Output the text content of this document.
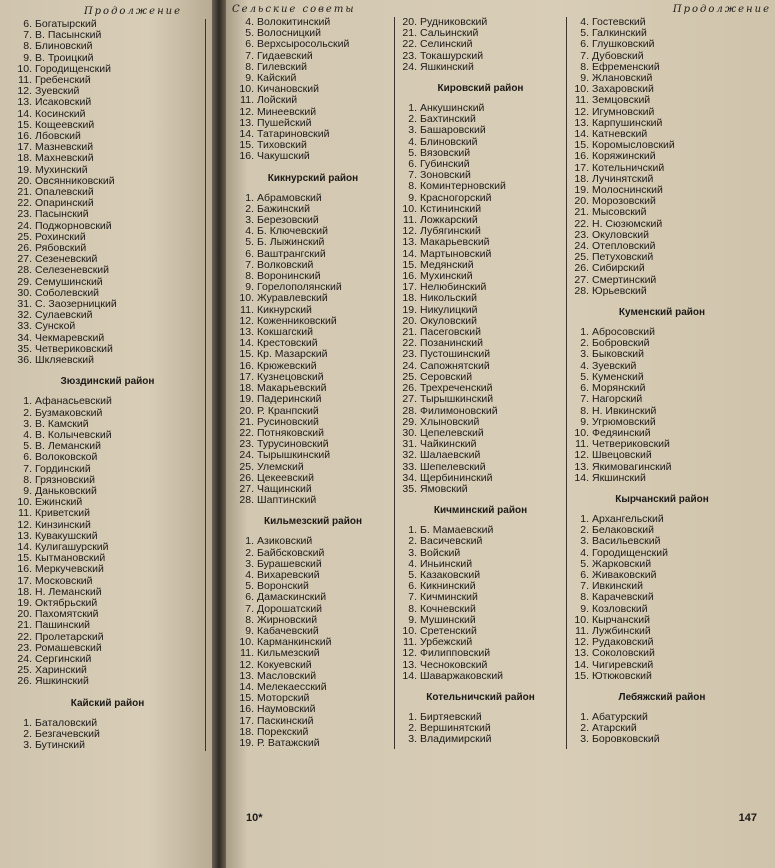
Продолжение
6. Богатырский
7. В. Пасынский
8. Блиновский
9. В. Троицкий
10. Городищенский
11. Гребенский
12. Зуевский
13. Исаковский
14. Косинский
15. Кощеевский
16. Лбовский
17. Мазневский
18. Махневский
19. Мухинский
20. Овсянниковский
21. Опалевский
22. Опаринский
23. Пасынский
24. Поджорновский
25. Рохинский
26. Рябовский
27. Сезеневский
28. Селезеневский
29. Семушинский
30. Соболевский
31. С. Заозерницкий
32. Сулаевский
33. Сунской
34. Чекмаревский
35. Четвериковский
36. Шкляевский
Зюздинский район
1. Афанасьевский
2. Бузмаковский
3. В. Камский
4. В. Колычевский
5. В. Леманский
6. Волоковской
7. Гординский
8. Грязновский
9. Даньковский
10. Ежинский
11. Криветский
12. Кинзинский
13. Кувакушский
14. Кулигашурский
15. Кытмановский
16. Меркучевский
17. Московский
18. Н. Леманский
19. Октябрьский
20. Пахомятский
21. Пашинский
22. Пролетарский
23. Ромашевский
24. Сергинский
25. Харинский
26. Яшкинский
Кайский район
1. Баталовский
2. Безгачевский
3. Бутинский
Сельские советы	Продолжение
4. Волокитинский
5. Волосницкий
6. Верхсыросольский
7. Гидаевский
8. Гилевский
9. Кайский
10. Кичановский
11. Лойский
12. Минеевский
13. Пушейский
14. Татариновский
15. Тиховский
16. Чакушский
Кикнурский район
1. Абрамовский
2. Бажинский
3. Березовский
4. Б. Ключевский
5. Б. Лыжинский
6. Ваштрангский
7. Волковский
8. Воронинский
9. Горелополянский
10. Журавлевский
11. Кикнурский
12. Коженниковский
13. Кокшагский
14. Крестовский
15. Кр. Мазарский
16. Крюжевский
17. Кузнецовский
18. Макарьевский
19. Падеринский
20. Р. Кранпский
21. Русиновский
22. Потняковский
23. Турусиновский
24. Тырышкинский
25. Улемский
26. Цекеевский
27. Чащинский
28. Шаптинский
Кильмезский район
1. Азиковский
2. Байбсковский
3. Бурашевский
4. Вихаревский
5. Воронский
6. Дамаскинский
7. Дорошатский
8. Жирновский
9. Кабачевский
10. Карманкинский
11. Кильмезский
12. Кокуевский
13. Масловский
14. Мелекаесский
15. Моторский
16. Наумовский
17. Паскинский
18. Порекский
19. Р. Ватажский
20. Рудниковский
21. Сальинский
22. Селинский
23. Токашурский
24. Яшкинский
Кировский район
1. Анкушинский
2. Бахтинский
3. Башаровский
4. Блиновский
5. Вязовский
6. Губинский
7. Зоновский
8. Коминтерновский
9. Красногорский
10. Кстининский
11. Ложкарский
12. Лубягинский
13. Макарьевский
14. Мартыновский
15. Медянский
16. Мухинский
17. Нелюбинский
18. Никольский
19. Никулицкий
20. Окуловский
21. Пасеговский
22. Позанинский
23. Пустошинский
24. Сапожнятский
25. Серовский
26. Трехреченский
27. Тырышкинский
28. Филимоновский
29. Хлыновский
30. Цепелевский
31. Чайкинский
32. Шалаевский
33. Шепелевский
34. Щербининский
35. Ямовский
Кичминский район
1. Б. Мамаевский
2. Васичевский
3. Войский
4. Иньинский
5. Казаковский
6. Кикнинский
7. Кичминский
8. Кочневский
9. Мушинский
10. Сретенский
11. Урбежский
12. Филипповский
13. Чесноковский
14. Шаваржаковский
Котельничский район
1. Биртяевский
2. Вершинятский
3. Владимирский
4. Гостевский
5. Галкинский
6. Глушковский
7. Дубовский
8. Ефременский
9. Жлановский
10. Захаровский
11. Земцовский
12. Игумновский
13. Карпушинский
14. Катневский
15. Коромысловский
16. Коряжинский
17. Котельничский
18. Лучинятский
19. Молоснинский
20. Морозовский
21. Мысовский
22. Н. Сюзюмский
23. Окуловский
24. Отепловский
25. Петуховский
26. Сибирский
27. Смертинский
28. Юрьевский
Куменский район
1. Абросовский
2. Бобровский
3. Быковский
4. Зуевский
5. Куменский
6. Морянский
7. Нагорский
8. Н. Ивкинский
9. Угрюмовский
10. Федяинский
11. Четвериковский
12. Швецовский
13. Якимовагинский
14. Якшинский
Кырчанский район
1. Архангельский
2. Белаковский
3. Васильевский
4. Городищенский
5. Жарковский
6. Живаковский
7. Ивкинский
8. Карачевский
9. Козловский
10. Кырчанский
11. Лужбинский
12. Рудаковский
13. Соколовский
14. Чигиревский
15. Юткжовский
Лебяжский район
1. Абатурский
2. Атарский
3. Боровковский
10*	147
